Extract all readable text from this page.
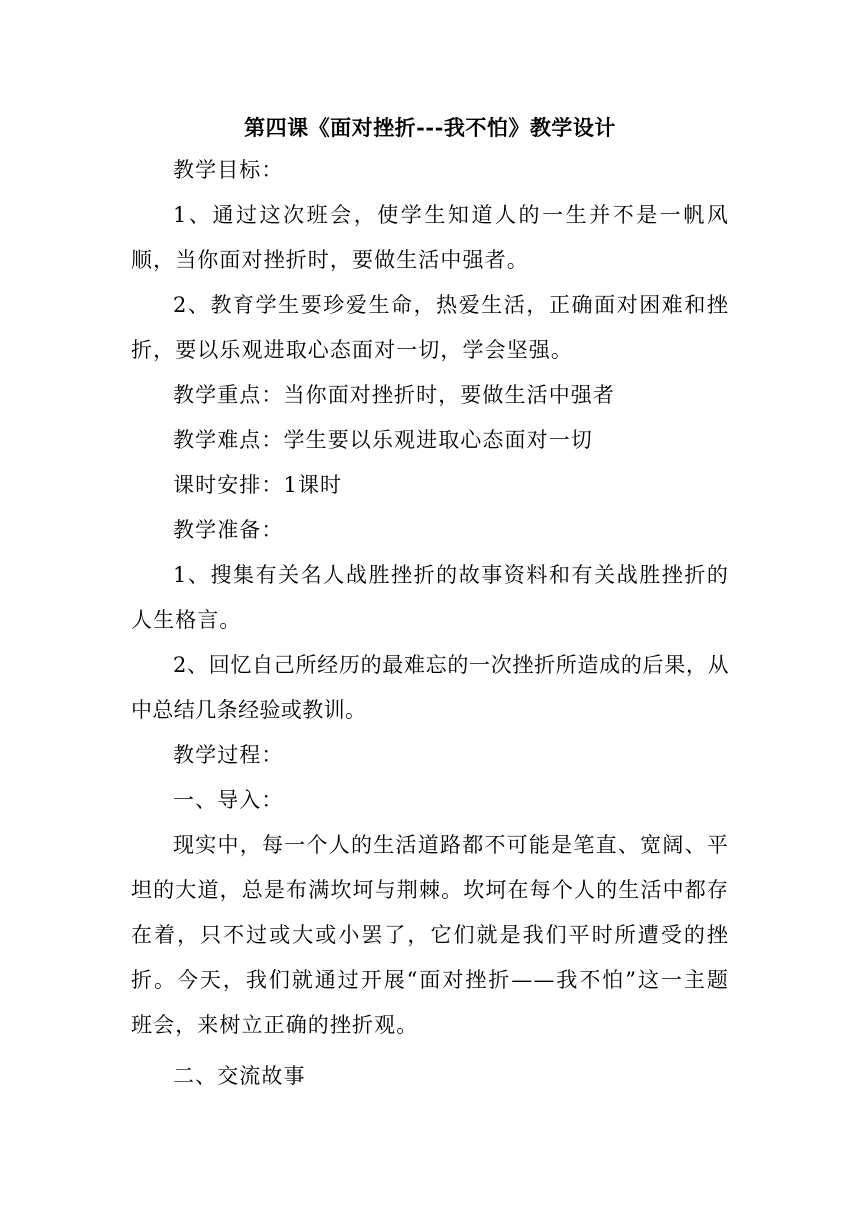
第四课《面对挫折---我不怕》教学设计

教学目标：

1、通过这次班会，使学生知道人的一生并不是一帆风顺，当你面对挫折时，要做生活中强者。

2、教育学生要珍爱生命，热爱生活，正确面对困难和挫折，要以乐观进取心态面对一切，学会坚强。

教学重点：当你面对挫折时，要做生活中强者

教学难点：学生要以乐观进取心态面对一切

课时安排：1课时

教学准备：

1、搜集有关名人战胜挫折的故事资料和有关战胜挫折的人生格言。

2、回忆自己所经历的最难忘的一次挫折所造成的后果，从中总结几条经验或教训。

教学过程：

一、导入：

现实中，每一个人的生活道路都不可能是笔直、宽阔、平坦的大道，总是布满坎坷与荆棘。坎坷在每个人的生活中都存在着，只不过或大或小罢了，它们就是我们平时所遭受的挫折。今天，我们就通过开展“面对挫折——我不怕”这一主题班会，来树立正确的挫折观。

二、交流故事
